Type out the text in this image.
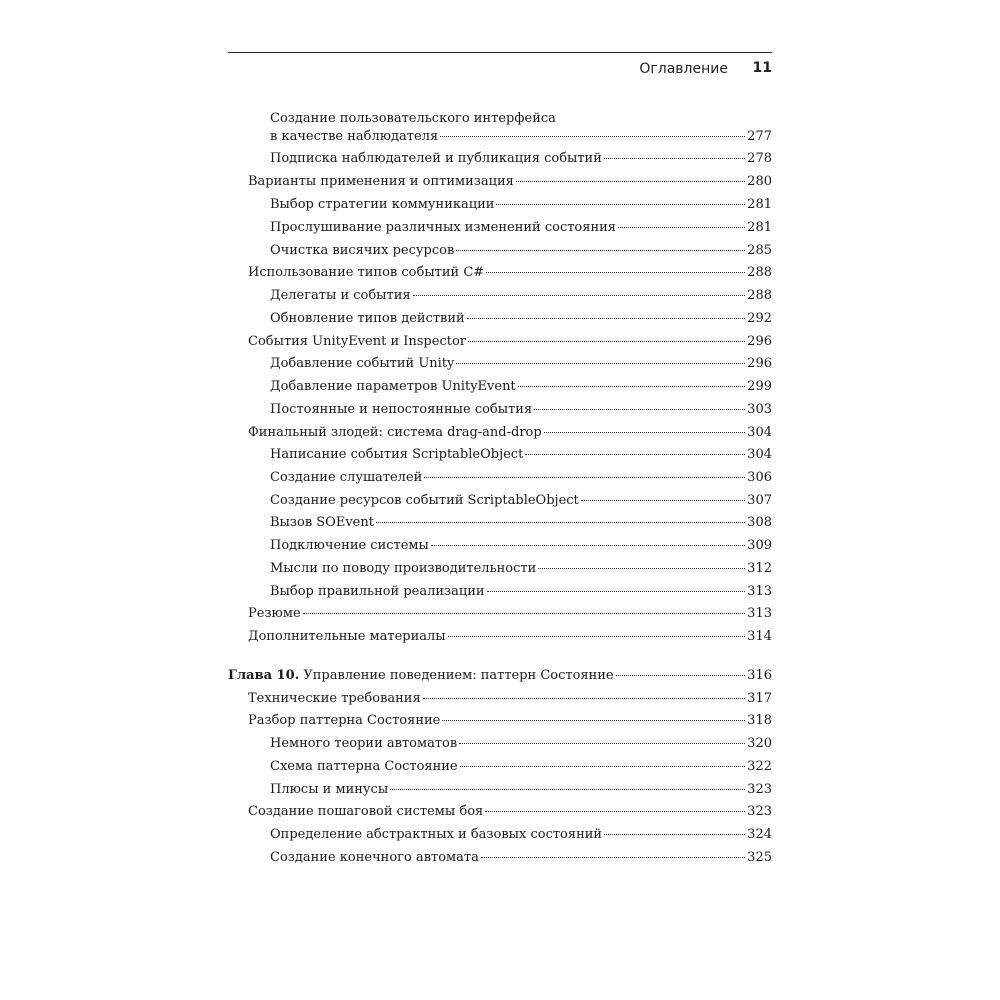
Оглавление 11
Создание пользовательского интерфейса
в качестве наблюдателя	277
Подписка наблюдателей и публикация событий	278
Варианты применения и оптимизация	280
Выбор стратегии коммуникации	281
Прослушивание различных изменений состояния	281
Очистка висячих ресурсов	285
Использование типов событий C#	288
Делегаты и события	288
Обновление типов действий	292
События UnityEvent и Inspector	296
Добавление событий Unity	296
Добавление параметров UnityEvent	299
Постоянные и непостоянные события	303
Финальный злодей: система drag-and-drop	304
Написание события ScriptableObject	304
Создание слушателей	306
Создание ресурсов событий ScriptableObject	307
Вызов SOEvent	308
Подключение системы	309
Мысли по поводу производительности	312
Выбор правильной реализации	313
Резюме	313
Дополнительные материалы	314
Глава 10. Управление поведением: паттерн Состояние	316
Технические требования	317
Разбор паттерна Состояние	318
Немного теории автоматов	320
Схема паттерна Состояние	322
Плюсы и минусы	323
Создание пошаговой системы боя	323
Определение абстрактных и базовых состояний	324
Создание конечного автомата	325
